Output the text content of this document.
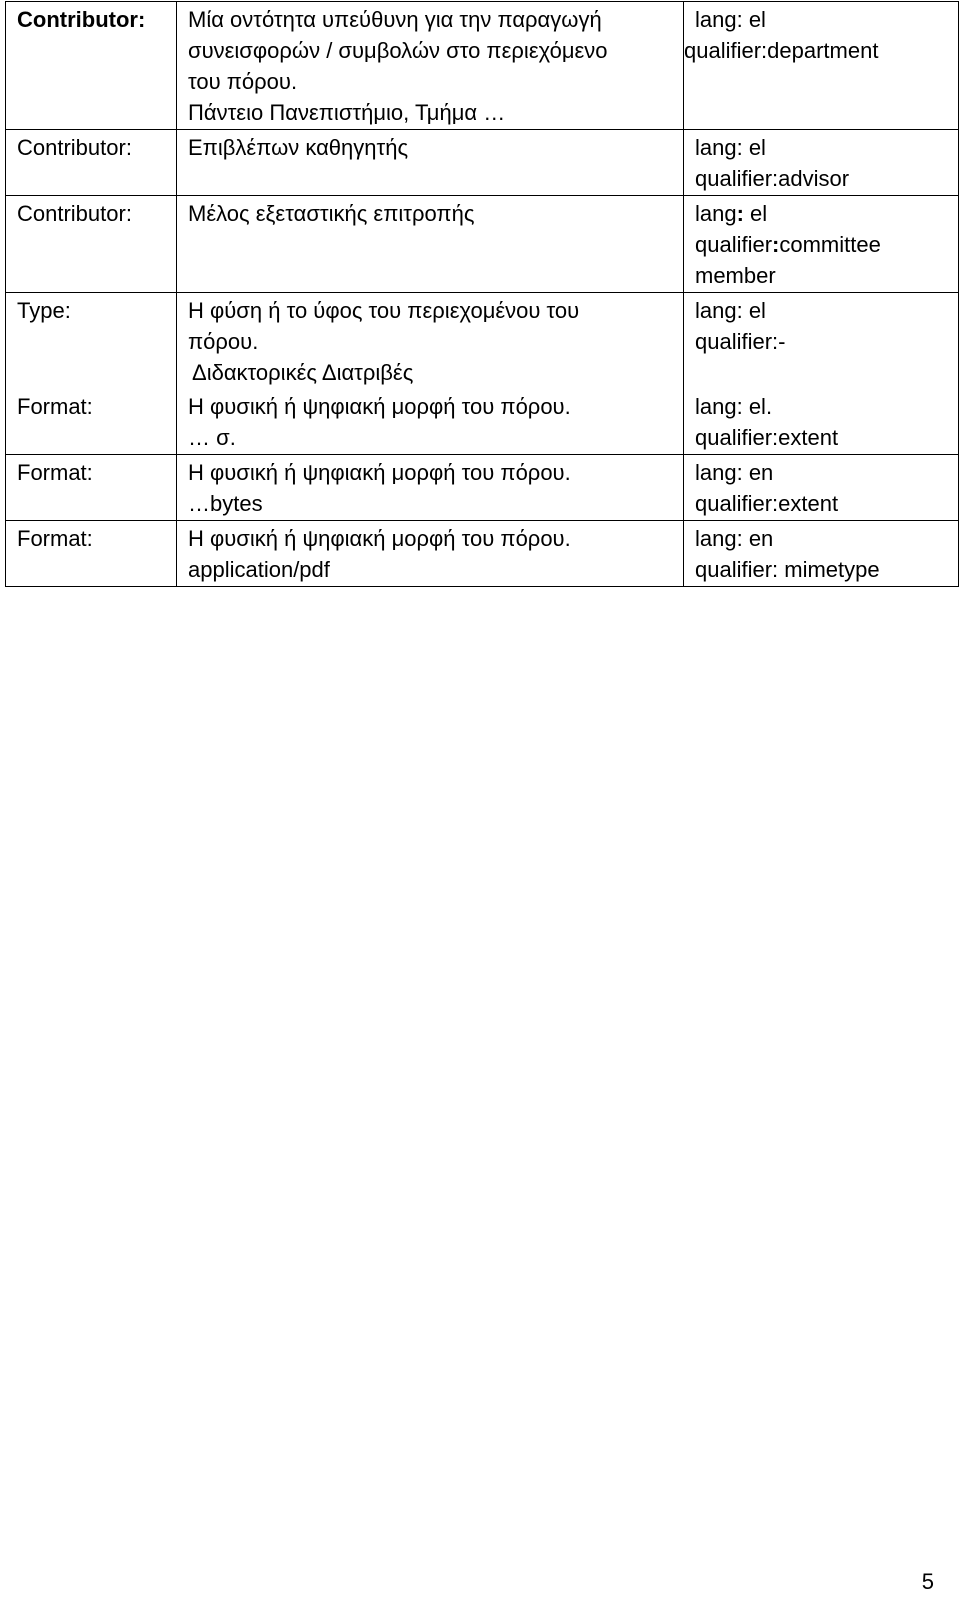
Contributor:	Μία οντότητα υπεύθυνη για την παραγωγή
συνεισφορών / συμβολών στο περιεχόμενο
του πόρου.
Πάντειο Πανεπιστήμιο, Τμήμα …	lang: el
qualifier:department

Contributor:	Επιβλέπων καθηγητής	lang: el
qualifier:advisor

Contributor:	Μέλος εξεταστικής επιτροπής	lang: el
qualifier:committee
member

Type:	Η φύση ή το ύφος του περιεχομένου του
πόρου.
Διδακτορικές Διατριβές	lang: el
qualifier:-

Format:	Η φυσική ή ψηφιακή μορφή του πόρου.
… σ.	lang: el.
qualifier:extent

Format:	Η φυσική ή ψηφιακή μορφή του πόρου.
…bytes	lang: en
qualifier:extent

Format:	Η φυσική ή ψηφιακή μορφή του πόρου.
application/pdf	lang: en
qualifier: mimetype
5
